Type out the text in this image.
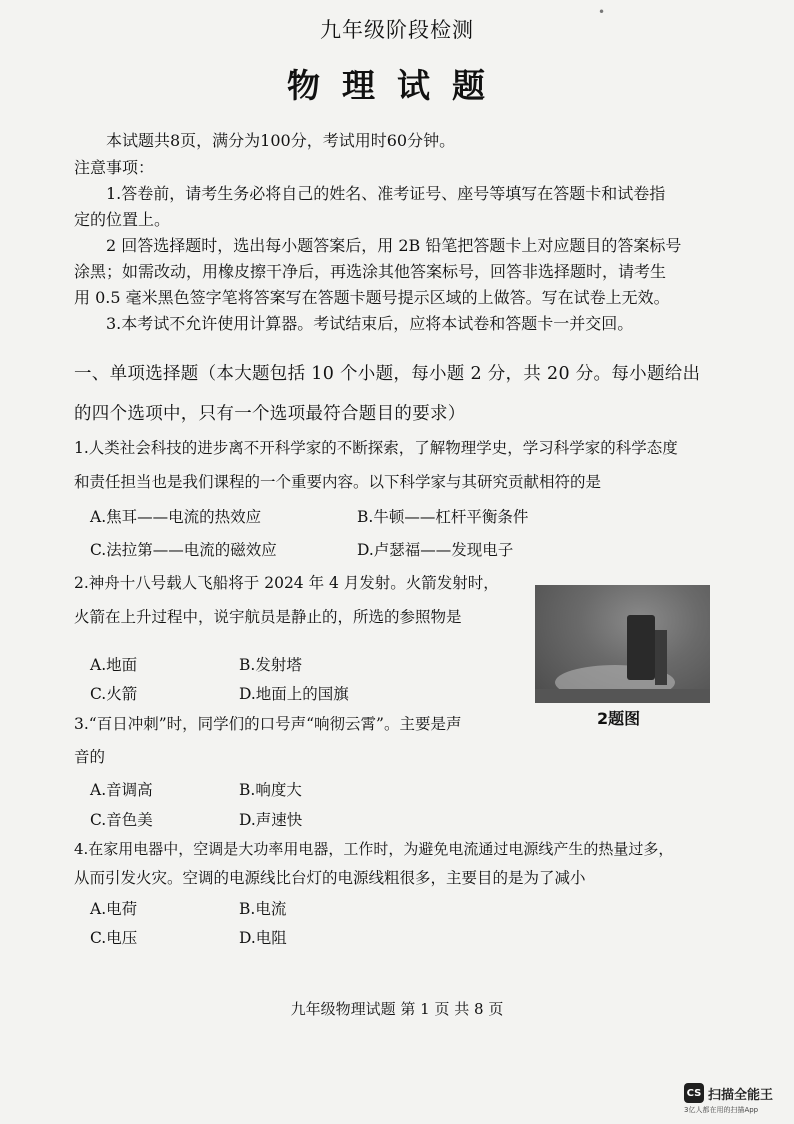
•
九年级阶段检测
物理试题
本试题共8页，满分为100分，考试用时60分钟。
注意事项：
1.答卷前，请考生务必将自己的姓名、准考证号、座号等填写在答题卡和试卷指
定的位置上。
2 回答选择题时，选出每小题答案后，用 2B 铅笔把答题卡上对应题目的答案标号
涂黑；如需改动，用橡皮擦干净后，再选涂其他答案标号，回答非选择题时，请考生
用 0.5 毫米黑色签字笔将答案写在答题卡题号提示区域的上做答。写在试卷上无效。
3.本考试不允许使用计算器。考试结束后，应将本试卷和答题卡一并交回。
一、单项选择题（本大题包括 10 个小题，每小题 2 分，共 20 分。每小题给出
的四个选项中，只有一个选项最符合题目的要求）
1.人类社会科技的进步离不开科学家的不断探索，了解物理学史，学习科学家的科学态度
和责任担当也是我们课程的一个重要内容。以下科学家与其研究贡献相符的是
A.焦耳——电流的热效应	B.牛顿——杠杆平衡条件
C.法拉第——电流的磁效应	D.卢瑟福——发现电子
2.神舟十八号载人飞船将于 2024 年 4 月发射。火箭发射时，
火箭在上升过程中，说宇航员是静止的，所选的参照物是
A.地面	B.发射塔
C.火箭	D.地面上的国旗
2题图
3.“百日冲刺”时，同学们的口号声“响彻云霄”。主要是声
音的
A.音调高	B.响度大
C.音色美	D.声速快
4.在家用电器中，空调是大功率用电器，工作时，为避免电流通过电源线产生的热量过多，
从而引发火灾。空调的电源线比台灯的电源线粗很多，主要目的是为了减小
A.电荷	B.电流
C.电压	D.电阻
九年级物理试题 第 1 页 共 8 页
CS 扫描全能王
3亿人都在用的扫描App
